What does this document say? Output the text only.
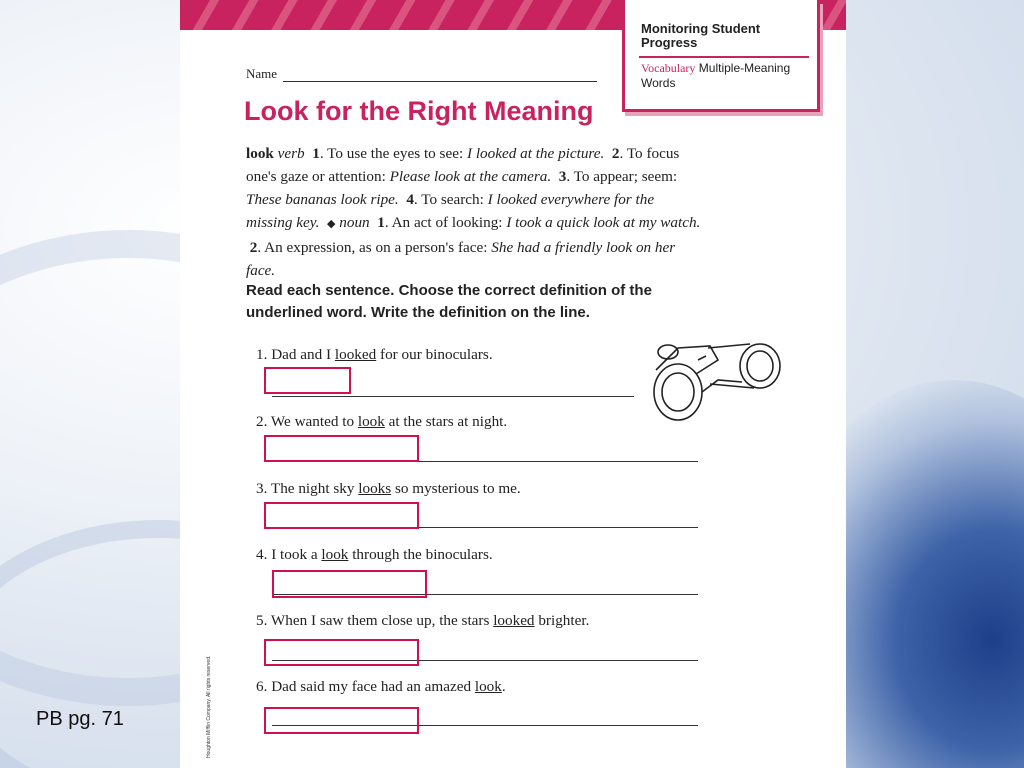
PB pg. 71
Monitoring Student Progress
Vocabulary Multiple-Meaning Words
Name
Look for the Right Meaning
look verb 1. To use the eyes to see: I looked at the picture. 2. To focus one's gaze or attention: Please look at the camera. 3. To appear; seem: These bananas look ripe. 4. To search: I looked everywhere for the missing key. ◆ noun 1. An act of looking: I took a quick look at my watch.  2. An expression, as on a person's face: She had a friendly look on her face.
Read each sentence. Choose the correct definition of the underlined word. Write the definition on the line.
1. Dad and I looked for our binoculars.
2. We wanted to look at the stars at night.
3. The night sky looks so mysterious to me.
4. I took a look through the binoculars.
5. When I saw them close up, the stars looked brighter.
6. Dad said my face had an amazed look.
Houghton Mifflin Company. All rights reserved.
